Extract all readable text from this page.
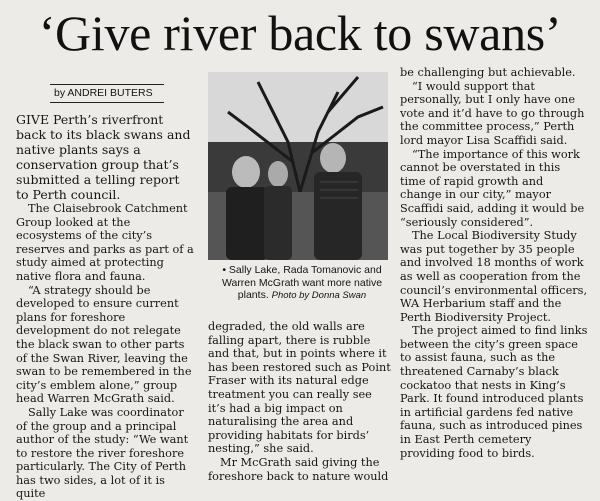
‘Give river back to swans’
by ANDREI BUTERS

GIVE Perth’s riverfront back to its black swans and native plants says a conservation group that’s submitted a telling report to Perth council.

The Claisebrook Catchment Group looked at the ecosystems of the city’s reserves and parks as part of a study aimed at protecting native flora and fauna.

“A strategy should be developed to ensure current plans for foreshore development do not relegate the black swan to other parts of the Swan River, leaving the swan to be remembered in the city’s emblem alone,” group head Warren McGrath said.

Sally Lake was coordinator of the group and a principal author of the study: “We want to restore the river foreshore particularly. The City of Perth has two sides, a lot of it is quite

• Sally Lake, Rada Tomanovic and Warren McGrath want more native plants. Photo by Donna Swan

degraded, the old walls are falling apart, there is rubble and that, but in points where it has been restored such as Point Fraser with its natural edge treatment you can really see it’s had a big impact on naturalising the area and providing habitats for birds’ nesting,” she said.

Mr McGrath said giving the foreshore back to nature would

be challenging but achievable.

“I would support that personally, but I only have one vote and it’d have to go through the committee process,” Perth lord mayor Lisa Scaffidi said.

“The importance of this work cannot be overstated in this time of rapid growth and change in our city,” mayor Scaffidi said, adding it would be “seriously considered”.

The Local Biodiversity Study was put together by 35 people and involved 18 months of work as well as cooperation from the council’s environmental officers, WA Herbarium staff and the Perth Biodiversity Project.

The project aimed to find links between the city’s green space to assist fauna, such as the threatened Carnaby’s black cockatoo that nests in King’s Park. It found introduced plants in artificial gardens fed native fauna, such as introduced pines in East Perth cemetery providing food to birds.
